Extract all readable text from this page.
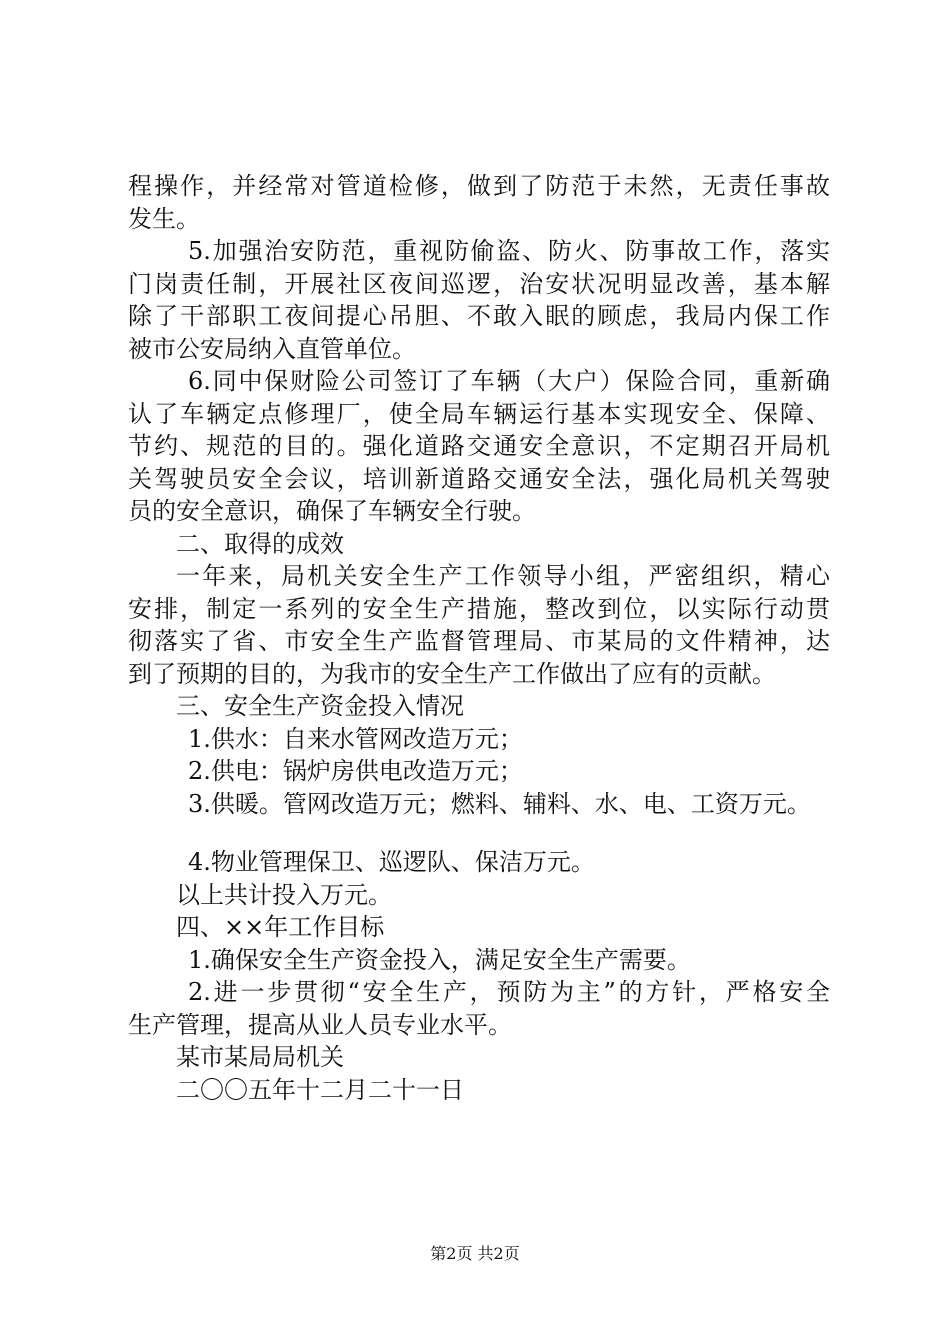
程操作，并经常对管道检修，做到了防范于未然，无责任事故
发生。
5.加强治安防范，重视防偷盗、防火、防事故工作，落实
门岗责任制，开展社区夜间巡逻，治安状况明显改善，基本解
除了干部职工夜间提心吊胆、不敢入眠的顾虑，我局内保工作
被市公安局纳入直管单位。
6.同中保财险公司签订了车辆（大户）保险合同，重新确
认了车辆定点修理厂，使全局车辆运行基本实现安全、保障、
节约、规范的目的。强化道路交通安全意识，不定期召开局机
关驾驶员安全会议，培训新道路交通安全法，强化局机关驾驶
员的安全意识，确保了车辆安全行驶。
二、取得的成效
一年来，局机关安全生产工作领导小组，严密组织，精心
安排，制定一系列的安全生产措施，整改到位，以实际行动贯
彻落实了省、市安全生产监督管理局、市某局的文件精神，达
到了预期的目的，为我市的安全生产工作做出了应有的贡献。
三、安全生产资金投入情况
1.供水：自来水管网改造万元；
2.供电：锅炉房供电改造万元；
3.供暖。管网改造万元；燃料、辅料、水、电、工资万元。
4.物业管理保卫、巡逻队、保洁万元。
以上共计投入万元。
四、××年工作目标
1.确保安全生产资金投入，满足安全生产需要。
2.进一步贯彻“安全生产，预防为主”的方针，严格安全
生产管理，提高从业人员专业水平。
某市某局局机关
二〇〇五年十二月二十一日
第2页 共2页
